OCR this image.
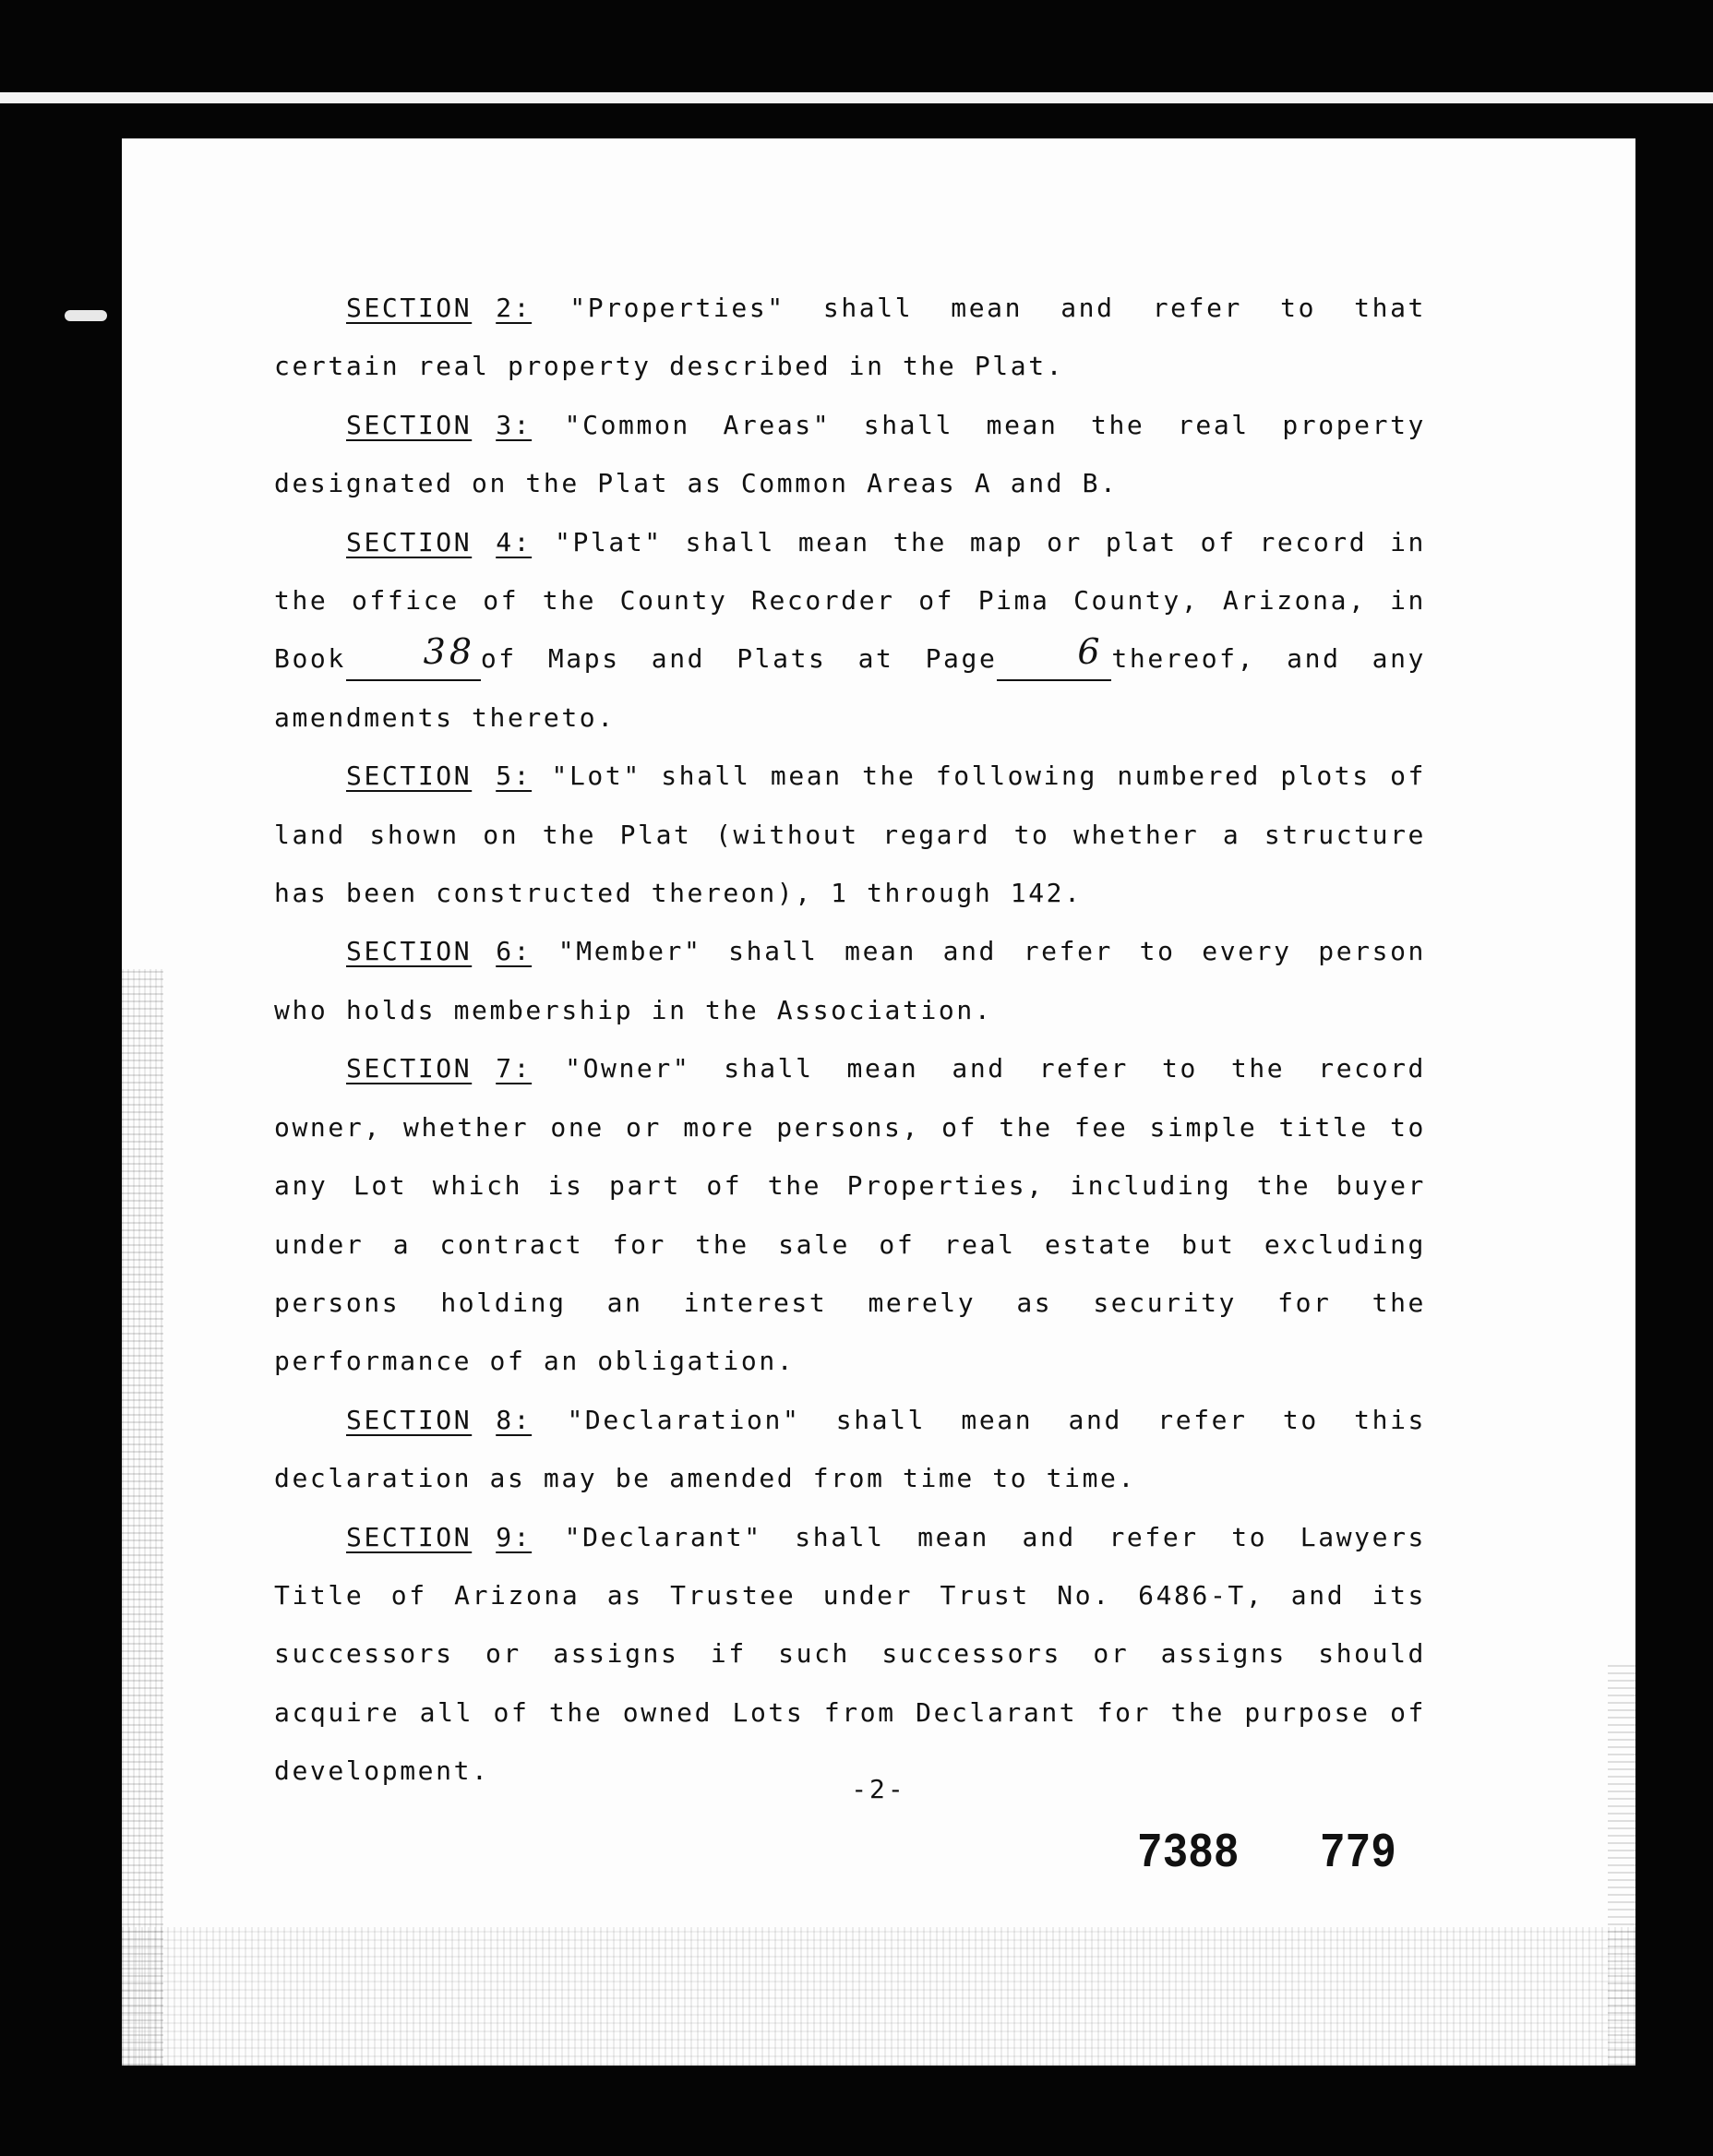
SECTION 2: "Properties" shall mean and refer to that certain real property described in the Plat.

SECTION 3: "Common Areas" shall mean the real property designated on the Plat as Common Areas A and B.

SECTION 4: "Plat" shall mean the map or plat of record in the office of the County Recorder of Pima County, Arizona, in Book 38 of Maps and Plats at Page 6 thereof, and any amendments thereto.

SECTION 5: "Lot" shall mean the following numbered plots of land shown on the Plat (without regard to whether a structure has been constructed thereon), 1 through 142.

SECTION 6: "Member" shall mean and refer to every person who holds membership in the Association.

SECTION 7: "Owner" shall mean and refer to the record owner, whether one or more persons, of the fee simple title to any Lot which is part of the Properties, including the buyer under a contract for the sale of real estate but excluding persons holding an interest merely as security for the performance of an obligation.

SECTION 8: "Declaration" shall mean and refer to this declaration as may be amended from time to time.

SECTION 9: "Declarant" shall mean and refer to Lawyers Title of Arizona as Trustee under Trust No. 6486-T, and its successors or assigns if such successors or assigns should acquire all of the owned Lots from Declarant for the purpose of development.

-2-
7388 779
